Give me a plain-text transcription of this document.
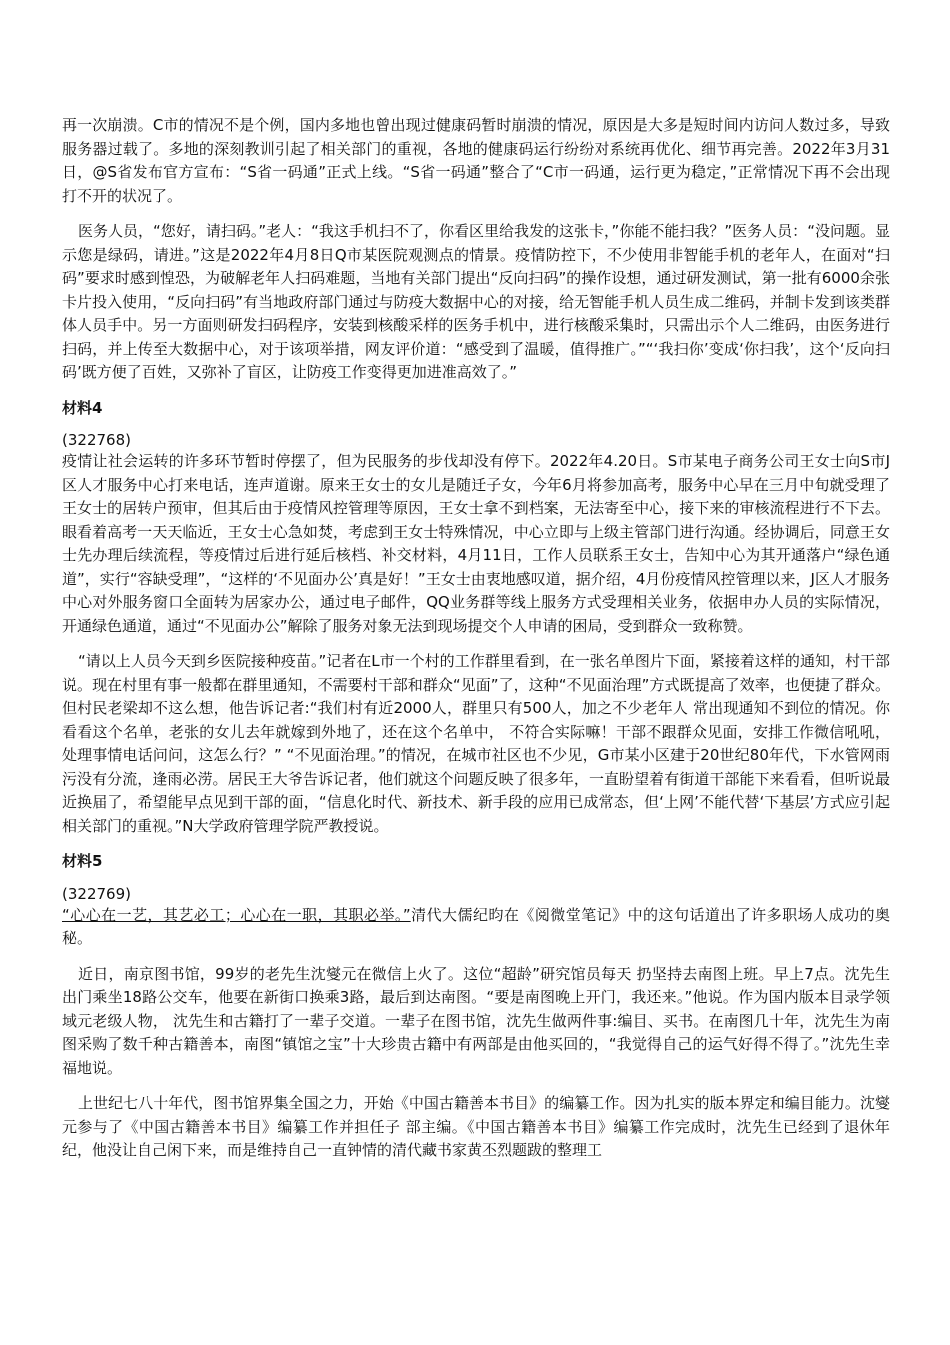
再一次崩溃。C市的情况不是个例，国内多地也曾出现过健康码暂时崩溃的情况，原因是大多是短时间内访问人数过多，导致服务器过载了。多地的深刻教训引起了相关部门的重视，各地的健康码运行纷纷对系统再优化、细节再完善。2022年3月31日，@S省发布官方宣布：“S省一码通”正式上线。“S省一码通”整合了“C市一码通，运行更为稳定，”正常情况下再不会出现打不开的状况了。

医务人员，“您好，请扫码。”老人：“我这手机扫不了，你看区里给我发的这张卡，”你能不能扫我？”医务人员：“没问题。显示您是绿码，请进。”这是2022年4月8日Q市某医院观测点的情景。疫情防控下，不少使用非智能手机的老年人，在面对“扫码”要求时感到惶恐，为破解老年人扫码难题，当地有关部门提出“反向扫码”的操作设想，通过研发测试，第一批有6000余张卡片投入使用，“反向扫码”有当地政府部门通过与防疫大数据中心的对接，给无智能手机人员生成二维码，并制卡发到该类群体人员手中。另一方面则研发扫码程序，安装到核酸采样的医务手机中，进行核酸采集时，只需出示个人二维码，由医务进行扫码，并上传至大数据中心，对于该项举措，网友评价道：“感受到了温暖，值得推广。”“‘我扫你’变成‘你扫我’，这个‘反向扫码’既方便了百姓，又弥补了盲区，让防疫工作变得更加进准高效了。”

材料4

(322768)

疫情让社会运转的许多环节暂时停摆了，但为民服务的步伐却没有停下。2022年4.20日。S市某电子商务公司王女士向S市J区人才服务中心打来电话，连声道谢。原来王女士的女儿是随迁子女，今年6月将参加高考，服务中心早在三月中旬就受理了王女士的居转户预审，但其后由于疫情风控管理等原因，王女士拿不到档案，无法寄至中心，接下来的审核流程进行不下去。眼看着高考一天天临近，王女士心急如焚，考虑到王女士特殊情况，中心立即与上级主管部门进行沟通。经协调后，同意王女士先办理后续流程，等疫情过后进行延后核档、补交材料，4月11日，工作人员联系王女士，告知中心为其开通落户“绿色通道”，实行“容缺受理”，“这样的‘不见面办公’真是好！”王女士由衷地感叹道，据介绍，4月份疫情风控管理以来，J区人才服务中心对外服务窗口全面转为居家办公，通过电子邮件，QQ业务群等线上服务方式受理相关业务，依据申办人员的实际情况，开通绿色通道，通过“不见面办公”解除了服务对象无法到现场提交个人申请的困局，受到群众一致称赞。

“请以上人员今天到乡医院接种疫苗。”记者在L市一个村的工作群里看到，在一张名单图片下面，紧接着这样的通知，村干部说。现在村里有事一般都在群里通知，不需要村干部和群众“见面”了，这种“不见面治理”方式既提高了效率，也便捷了群众。但村民老梁却不这么想，他告诉记者:“我们村有近2000人，群里只有500人，加之不少老年人 常出现通知不到位的情况。你看看这个名单，老张的女儿去年就嫁到外地了，还在这个名单中， 不符合实际嘛！干部不跟群众见面，安排工作微信吼吼，处理事情电话问问，这怎么行？” “不见面治理。”的情况，在城市社区也不少见，G市某小区建于20世纪80年代，下水管网雨污没有分流，逢雨必涝。居民王大爷告诉记者，他们就这个问题反映了很多年，一直盼望着有街道干部能下来看看，但听说最近换届了，希望能早点见到干部的面，“信息化时代、新技术、新手段的应用已成常态，但‘上网’不能代替‘下基层’方式应引起相关部门的重视。”N大学政府管理学院严教授说。

材料5

(322769)

“心心在一艺，其艺必工；心心在一职，其职必举。”清代大儒纪昀在《阅微堂笔记》中的这句话道出了许多职场人成功的奥秘。

近日，南京图书馆，99岁的老先生沈燮元在微信上火了。这位“超龄”研究馆员每天 扔坚持去南图上班。早上7点。沈先生出门乘坐18路公交车，他要在新街口换乘3路，最后到达南图。“要是南图晚上开门，我还来。”他说。作为国内版本目录学领域元老级人物， 沈先生和古籍打了一辈子交道。一辈子在图书馆，沈先生做两件事:编目、买书。在南图几十年，沈先生为南图采购了数千种古籍善本，南图“镇馆之宝”十大珍贵古籍中有两部是由他买回的，“我觉得自己的运气好得不得了。”沈先生幸福地说。

上世纪七八十年代，图书馆界集全国之力，开始《中国古籍善本书目》的编纂工作。因为扎实的版本界定和编目能力。沈燮元参与了《中国古籍善本书目》编纂工作并担任子 部主编。《中国古籍善本书目》编纂工作完成时，沈先生已经到了退休年纪，他没让自己闲下来，而是维持自己一直钟情的清代藏书家黄丕烈题跋的整理工
